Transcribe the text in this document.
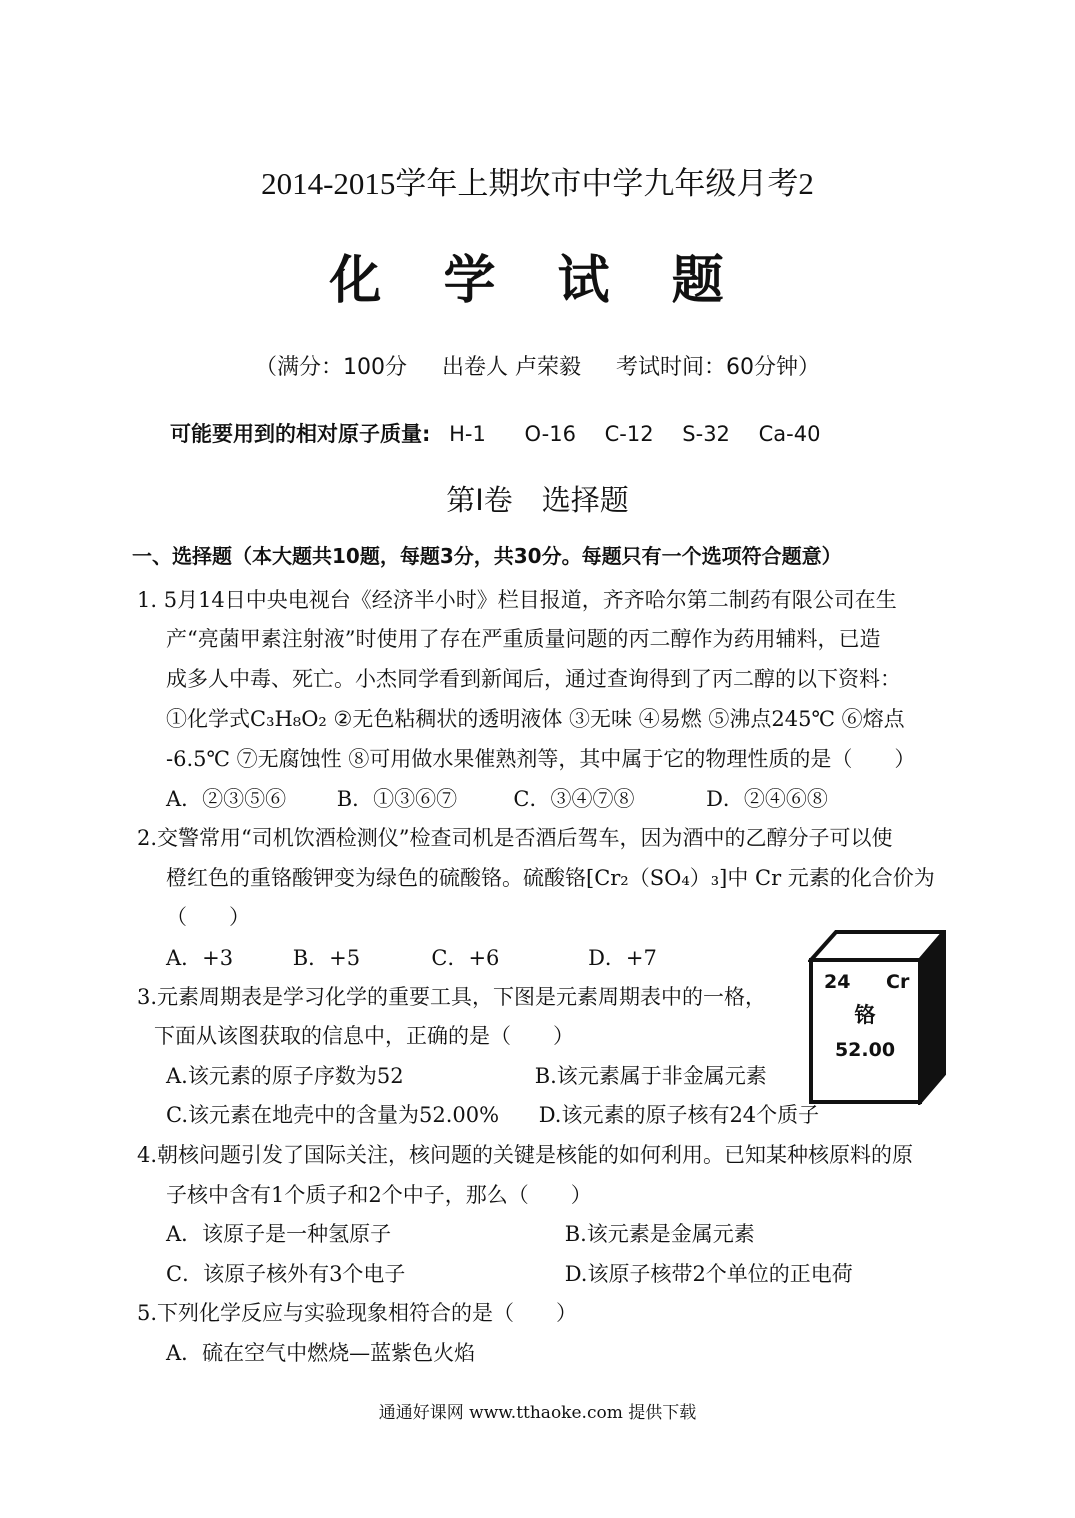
2014-2015学年上期坎市中学九年级月考2
化 学 试 题
（满分：100分 出卷人 卢荣毅 考试时间：60分钟）
可能要用到的相对原子质量: H-1 O-16 C-12 S-32 Ca-40
第Ⅰ卷　选择题
一、选择题（本大题共10题，每题3分，共30分。每题只有一个选项符合题意）
1. 5月14日中央电视台《经济半小时》栏目报道，齐齐哈尔第二制药有限公司在生
产“亮菌甲素注射液”时使用了存在严重质量问题的丙二醇作为药用辅料，已造
成多人中毒、死亡。小杰同学看到新闻后，通过查询得到了丙二醇的以下资料：
①化学式C₃H₈O₂ ②无色粘稠状的透明液体 ③无味 ④易燃 ⑤沸点245℃ ⑥熔点
-6.5℃ ⑦无腐蚀性 ⑧可用做水果催熟剂等，其中属于它的物理性质的是（　　）
A．②③⑤⑥ B．①③⑥⑦	C．③④⑦⑧	D．②④⑥⑧
2.交警常用“司机饮酒检测仪”检查司机是否酒后驾车，因为酒中的乙醇分子可以使
橙红色的重铬酸钾变为绿色的硫酸铬。硫酸铬[Cr₂（SO₄）₃]中 Cr 元素的化合价为
（　　）
A．+3	B．+5	C．+6	D．+7
3.元素周期表是学习化学的重要工具，下图是元素周期表中的一格，
下面从该图获取的信息中，正确的是（　　）
A.该元素的原子序数为52	B.该元素属于非金属元素
C.该元素在地壳中的含量为52.00% D.该元素的原子核有24个质子
24 Cr
铬
52.00
4.朝核问题引发了国际关注，核问题的关键是核能的如何利用。已知某种核原料的原
子核中含有1个质子和2个中子，那么（　　）
A．该原子是一种氢原子	B.该元素是金属元素
C．该原子核外有3个电子	D.该原子核带2个单位的正电荷
5.下列化学反应与实验现象相符合的是（　　）
A．硫在空气中燃烧—蓝紫色火焰
通通好课网 www.tthaoke.com 提供下载
